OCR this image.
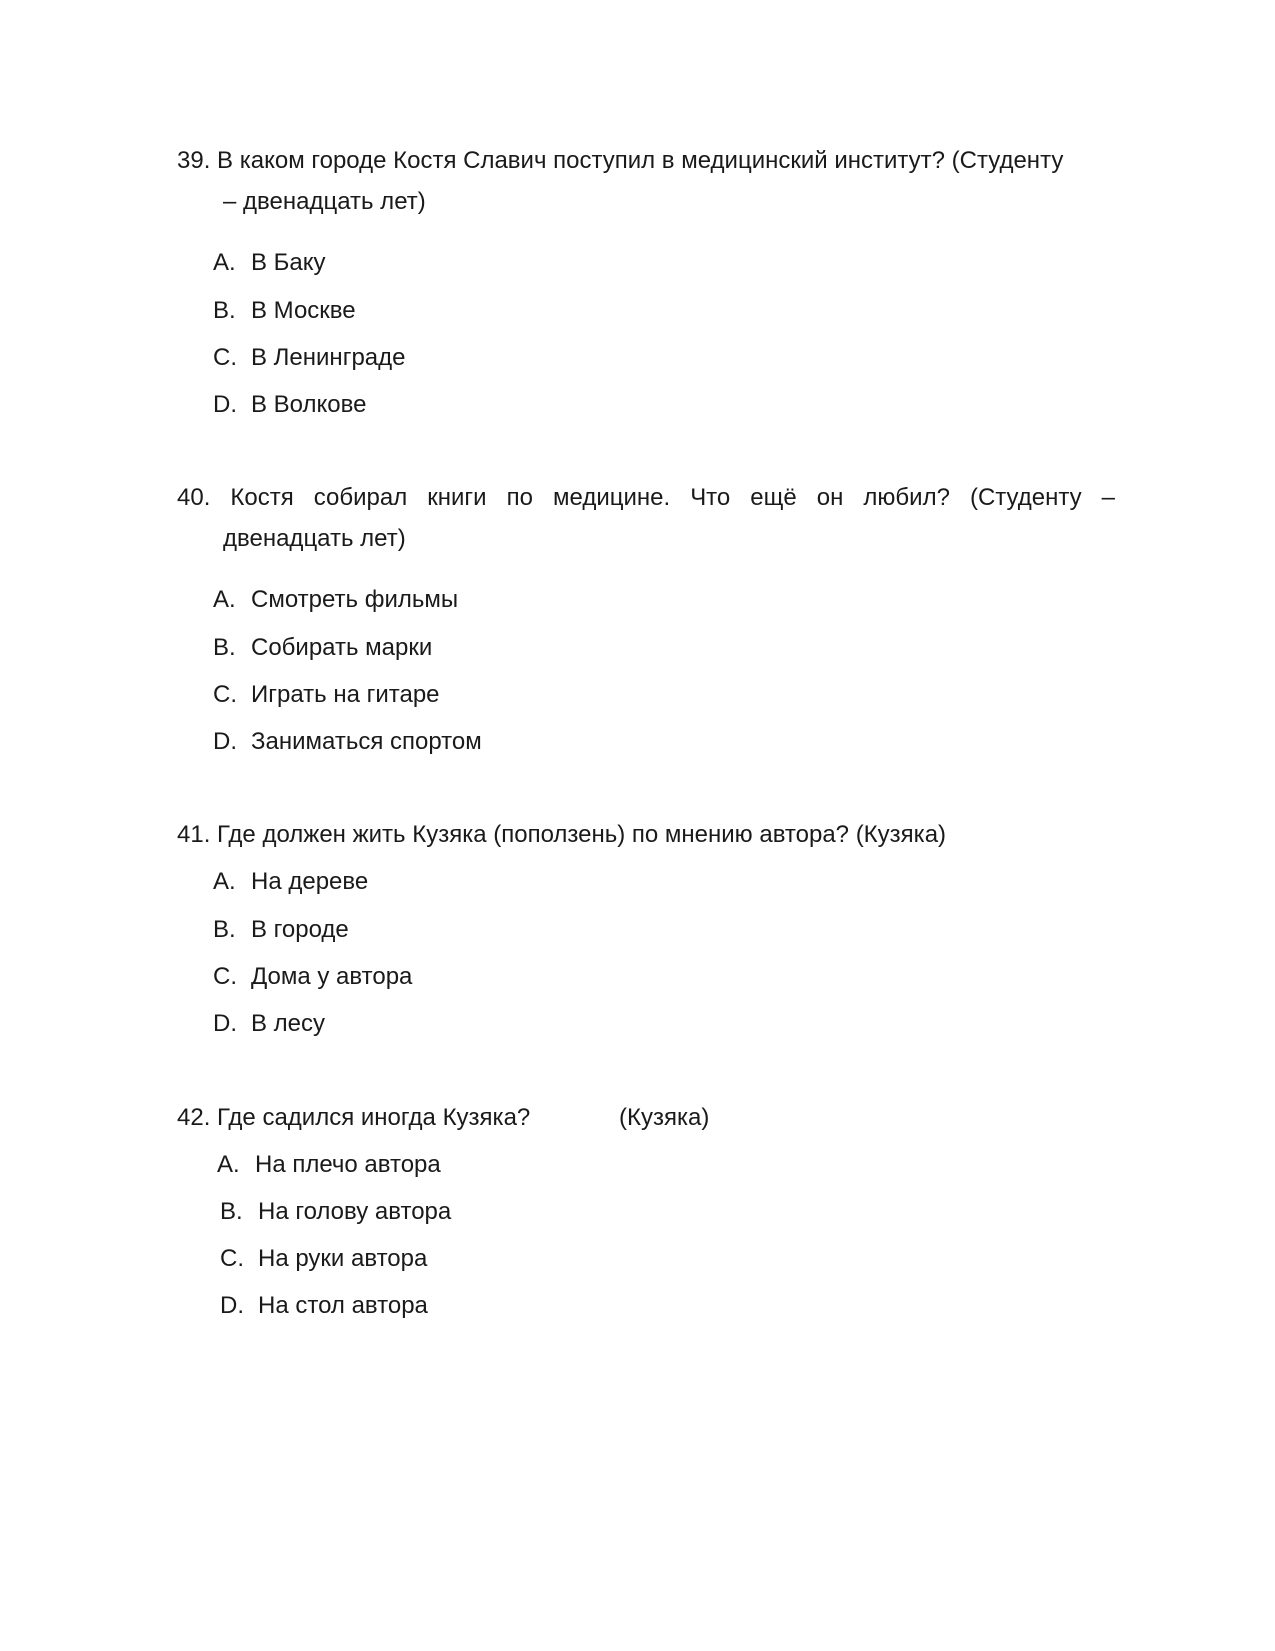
39. В каком городе Костя Славич поступил в медицинский институт? (Студенту
– двенадцать лет)
A. В Баку
B. В Москве
C. В Ленинграде
D. В Волкове
40. Костя собирал книги по медицине. Что ещё он любил? (Студенту –
двенадцать лет)
A. Смотреть фильмы
B. Собирать марки
C. Играть на гитаре
D. Заниматься спортом
41. Где должен жить Кузяка (поползень) по мнению автора? (Кузяка)
A. На дереве
B. В городе
C. Дома у автора
D. В лесу
42. Где садился иногда Кузяка?	(Кузяка)
A. На плечо автора
B. На голову автора
C. На руки автора
D. На стол автора
